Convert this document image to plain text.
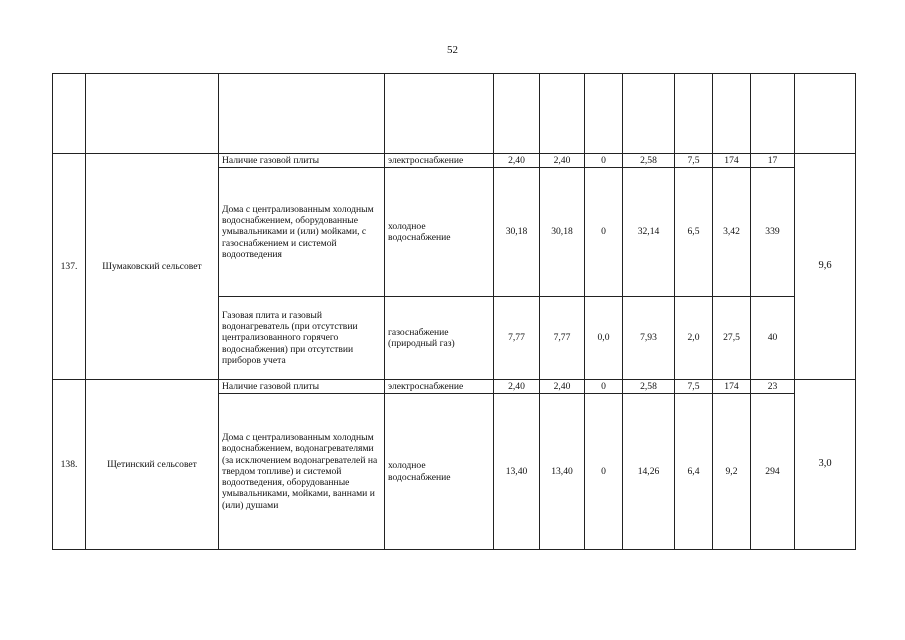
52

137.	Шумаковский сельсовет	Наличие газовой плиты	электроснабжение	2,40	2,40	0	2,58	7,5	174	17	9,6
		Дома с централизованным холодным водоснабжением, оборудованные умывальниками и (или) мойками, с газоснабжением и системой водоотведения	холодное водоснабжение	30,18	30,18	0	32,14	6,5	3,42	339	
		Газовая плита и газовый водонагреватель (при отсутствии централизованного горячего водоснабжения) при отсутствии приборов учета	газоснабжение (природный газ)	7,77	7,77	0,0	7,93	2,0	27,5	40	
138.	Щетинский сельсовет	Наличие газовой плиты	электроснабжение	2,40	2,40	0	2,58	7,5	174	23	3,0
		Дома с централизованным холодным водоснабжением, водонагревателями (за исключением водонагревателей на твердом топливе) и системой водоотведения, оборудованные умывальниками, мойками, ваннами и (или) душами	холодное водоснабжение	13,40	13,40	0	14,26	6,4	9,2	294	
